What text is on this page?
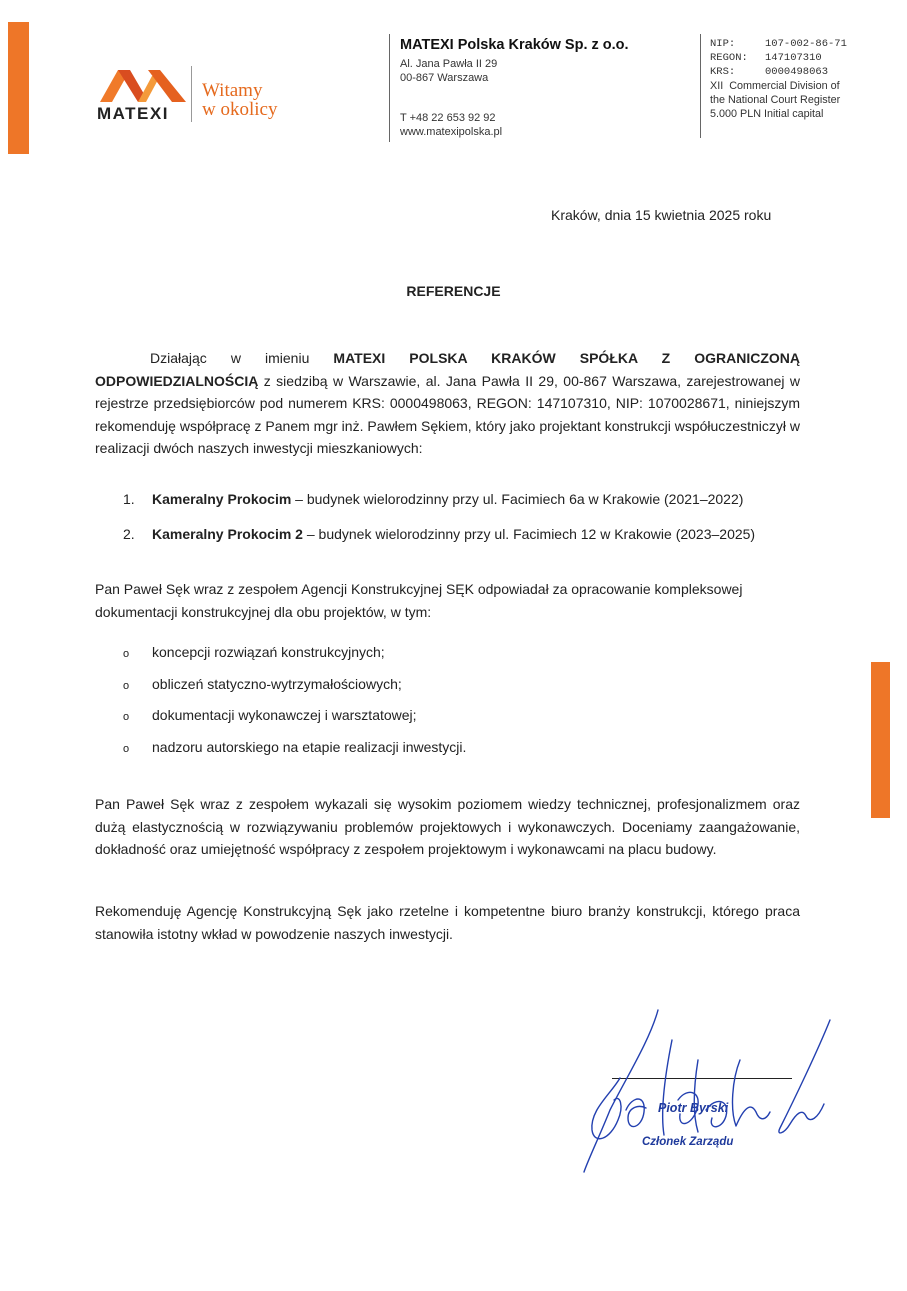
MATEXI
Witamy
w okolicy
MATEXI Polska Kraków Sp. z o.o.
Al. Jana Pawła II 29
00-867 Warszawa
T +48 22 653 92 92
www.matexipolska.pl
NIP:	107-002-86-71
REGON: 147107310
KRS:	0000498063
XII  Commercial Division of
the National Court Register
5.000 PLN Initial capital
Kraków, dnia 15 kwietnia 2025 roku
REFERENCJE
Działając w imieniu MATEXI POLSKA KRAKÓW SPÓŁKA Z OGRANICZONĄ ODPOWIEDZIALNOŚCIĄ z siedzibą w Warszawie, al. Jana Pawła II 29, 00-867 Warszawa, zarejestrowanej w rejestrze przedsiębiorców pod numerem KRS: 0000498063, REGON: 147107310, NIP: 1070028671, niniejszym rekomenduję współpracę z Panem mgr inż. Pawłem Sękiem, który jako projektant konstrukcji współuczestniczył w realizacji dwóch naszych inwestycji mieszkaniowych:
1.	Kameralny Prokocim – budynek wielorodzinny przy ul. Facimiech 6a w Krakowie (2021–2022)
2.	Kameralny Prokocim 2 – budynek wielorodzinny przy ul. Facimiech 12 w Krakowie (2023–2025)
Pan Paweł Sęk wraz z zespołem Agencji Konstrukcyjnej SĘK odpowiadał za opracowanie kompleksowej dokumentacji konstrukcyjnej dla obu projektów, w tym:
o	koncepcji rozwiązań konstrukcyjnych;
o	obliczeń statyczno-wytrzymałościowych;
o	dokumentacji wykonawczej i warsztatowej;
o	nadzoru autorskiego na etapie realizacji inwestycji.
Pan Paweł Sęk wraz z zespołem wykazali się wysokim poziomem wiedzy technicznej, profesjonalizmem oraz dużą elastycznością w rozwiązywaniu problemów projektowych i wykonawczych. Doceniamy zaangażowanie, dokładność oraz umiejętność współpracy z zespołem projektowym i wykonawcami na placu budowy.
Rekomenduję Agencję Konstrukcyjną Sęk jako rzetelne i kompetentne biuro branży konstrukcji, którego praca stanowiła istotny wkład w powodzenie naszych inwestycji.
Piotr Byrski
Członek Zarządu
